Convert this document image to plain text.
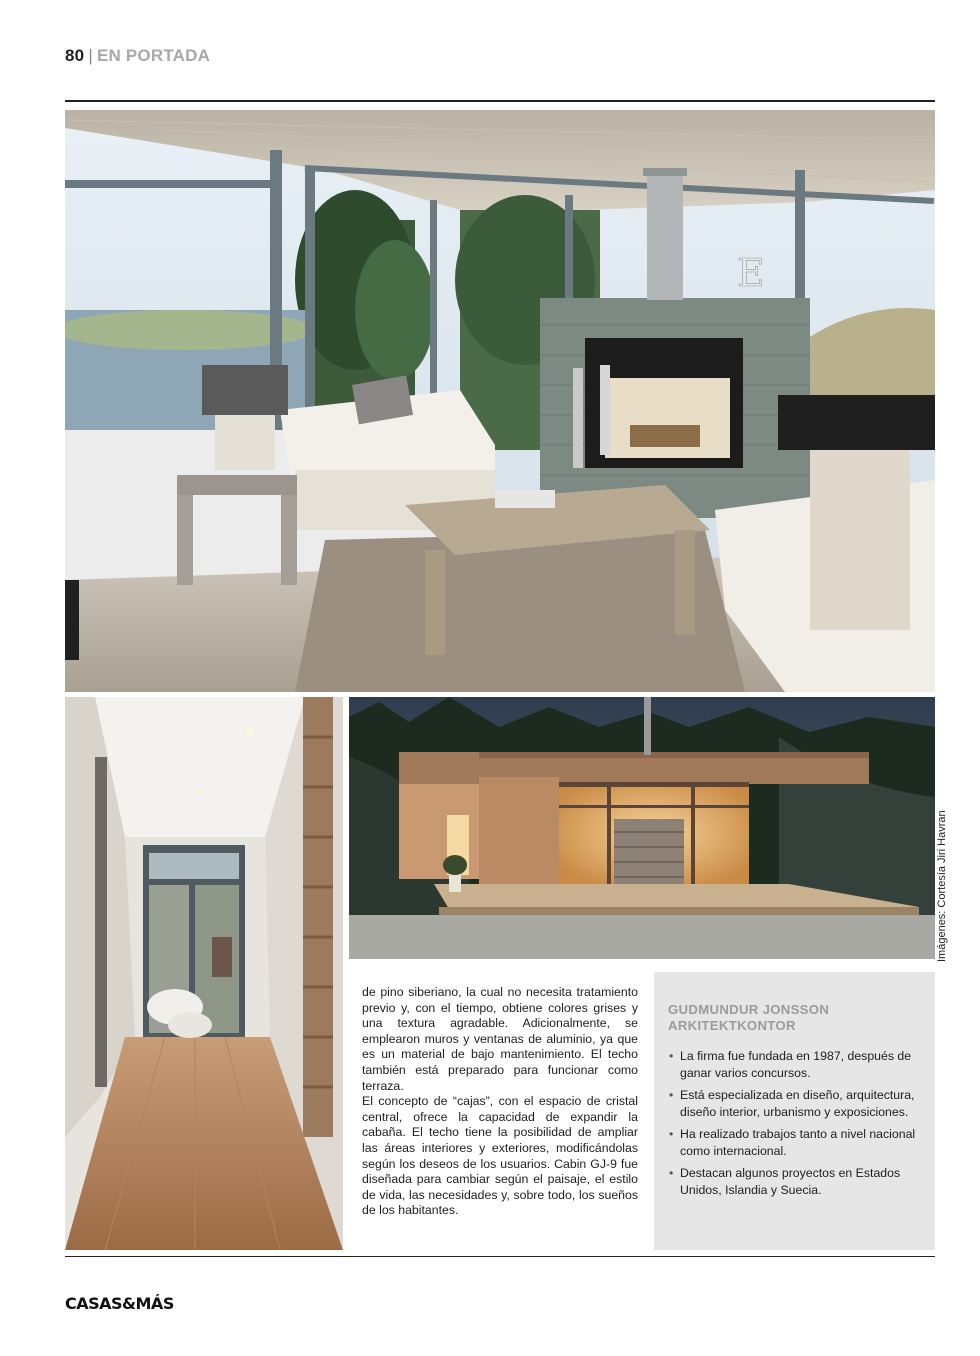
80 | EN PORTADA
E
Imágenes: Cortesía Jiri Havran

de pino siberiano, la cual no necesita tratamiento previo y, con el tiempo, obtiene colores grises y una textura agradable. Adicionalmente, se emplearon muros y ventanas de aluminio, ya que es un material de bajo mantenimiento. El techo también está preparado para funcionar como terraza.

El concepto de “cajas”, con el espacio de cristal central, ofrece la capacidad de expandir la cabaña. El techo tiene la posibilidad de ampliar las áreas interiores y exteriores, modificándolas según los deseos de los usuarios. Cabin GJ-9 fue diseñada para cambiar según el paisaje, el estilo de vida, las necesidades y, sobre todo, los sueños de los habitantes.

GUDMUNDUR JONSSON ARKITEKTKONTOR
• La firma fue fundada en 1987, después de ganar varios concursos.
• Está especializada en diseño, arquitectura, diseño interior, urbanismo y exposiciones.
• Ha realizado trabajos tanto a nivel nacional como internacional.
• Destacan algunos proyectos en Estados Unidos, Islandia y Suecia.
CASAS&MÁS
